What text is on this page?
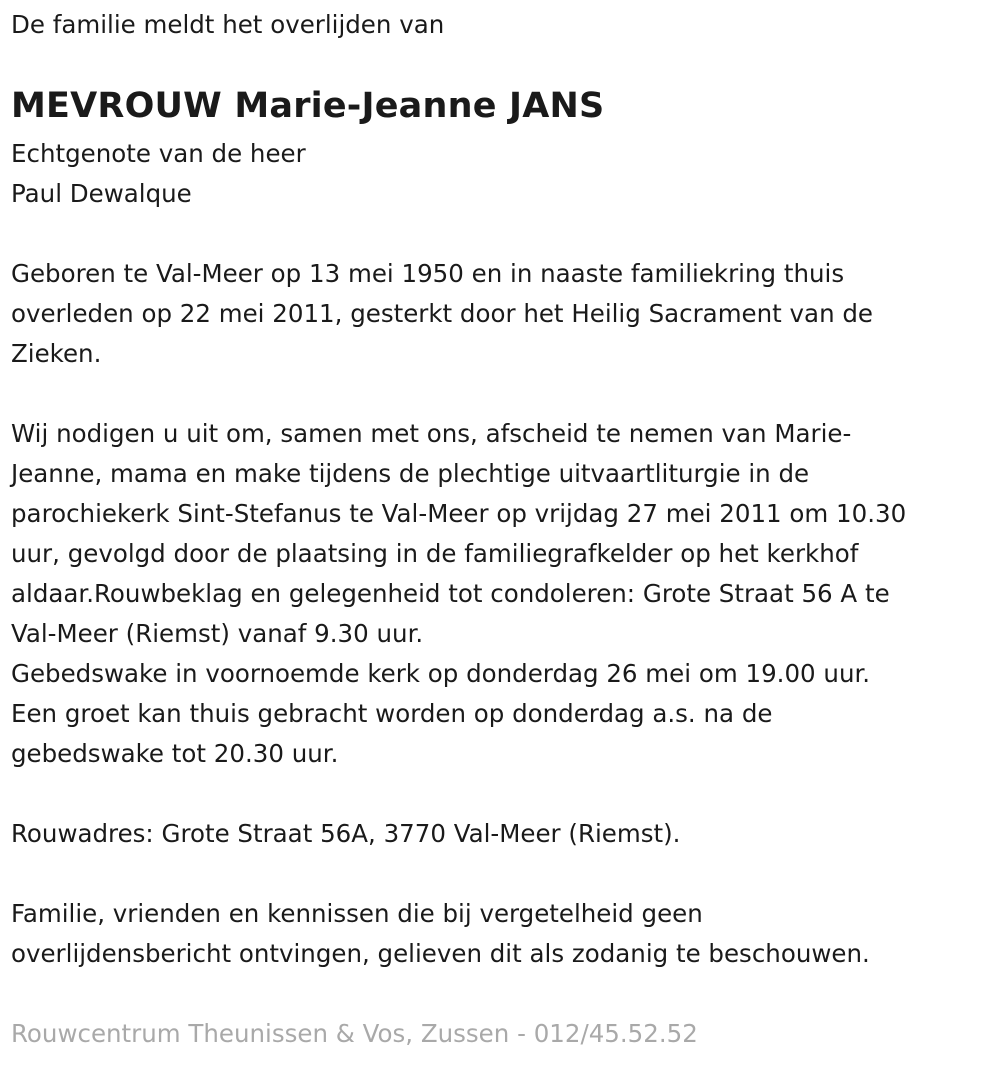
De familie meldt het overlijden van
MEVROUW Marie-Jeanne JANS
Echtgenote van de heer
Paul Dewalque
Geboren te Val-Meer op 13 mei 1950 en in naaste familiekring thuis
overleden op 22 mei 2011, gesterkt door het Heilig Sacrament van de
Zieken.
Wij nodigen u uit om, samen met ons, afscheid te nemen van Marie-
Jeanne, mama en make tijdens de plechtige uitvaartliturgie in de
parochiekerk Sint-Stefanus te Val-Meer op vrijdag 27 mei 2011 om 10.30
uur, gevolgd door de plaatsing in de familiegrafkelder op het kerkhof
aldaar.Rouwbeklag en gelegenheid tot condoleren: Grote Straat 56 A te
Val-Meer (Riemst) vanaf 9.30 uur.
Gebedswake in voornoemde kerk op donderdag 26 mei om 19.00 uur.
Een groet kan thuis gebracht worden op donderdag a.s. na de
gebedswake tot 20.30 uur.
Rouwadres: Grote Straat 56A, 3770 Val-Meer (Riemst).
Familie, vrienden en kennissen die bij vergetelheid geen
overlijdensbericht ontvingen, gelieven dit als zodanig te beschouwen.
Rouwcentrum Theunissen & Vos, Zussen - 012/45.52.52
